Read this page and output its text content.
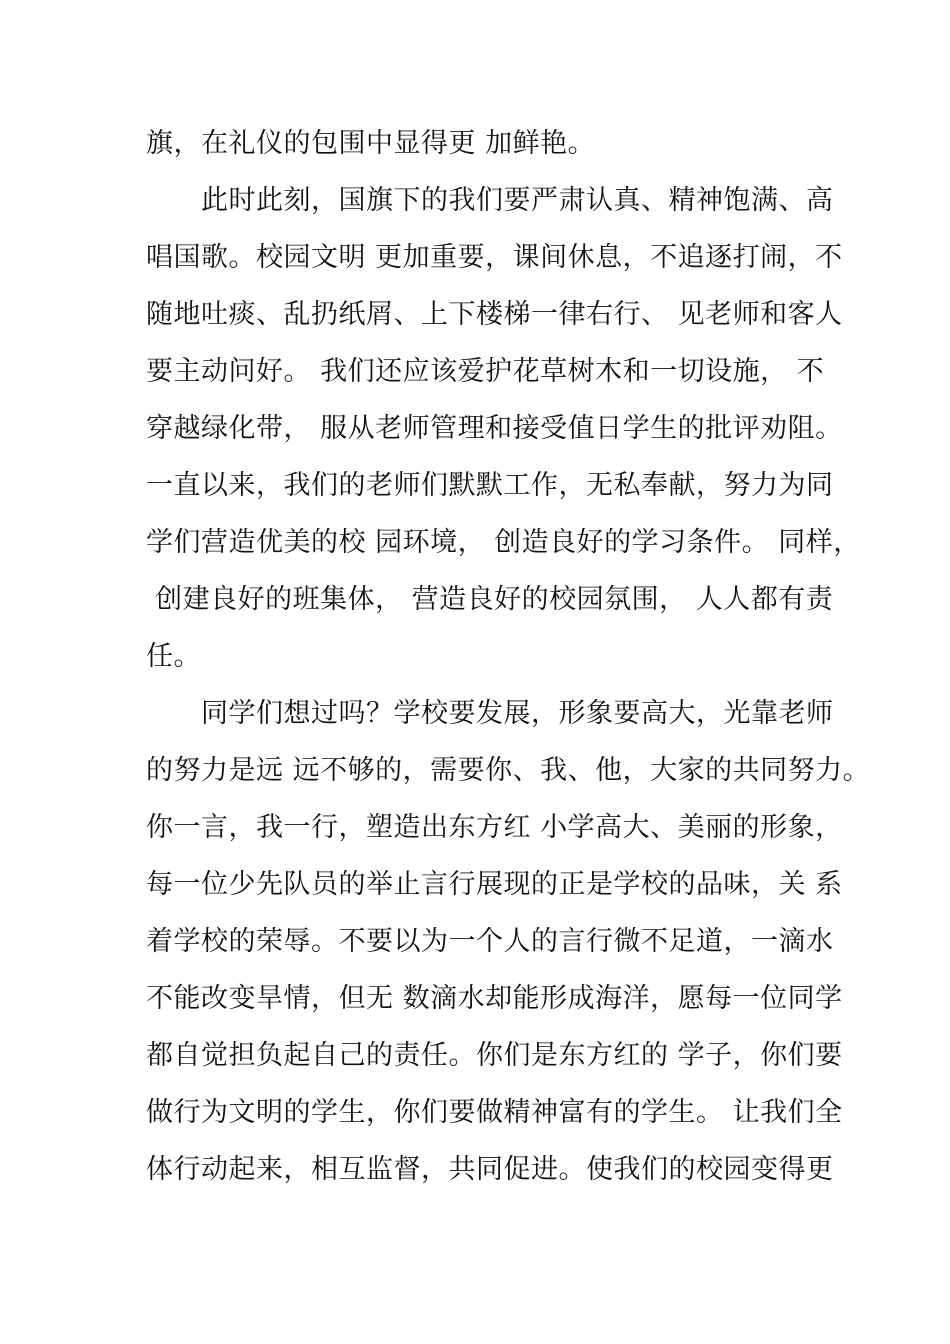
旗，在礼仪的包围中显得更 加鲜艳。
　　此时此刻，国旗下的我们要严肃认真、精神饱满、高
唱国歌。校园文明 更加重要，课间休息，不追逐打闹，不
随地吐痰、乱扔纸屑、上下楼梯一律右行、 见老师和客人
要主动问好。 我们还应该爱护花草树木和一切设施， 不
穿越绿化带， 服从老师管理和接受值日学生的批评劝阻。
一直以来，我们的老师们默默工作，无私奉献，努力为同
学们营造优美的校 园环境， 创造良好的学习条件。 同样，
创建良好的班集体， 营造良好的校园氛围， 人人都有责
任。
　　同学们想过吗？学校要发展，形象要高大，光靠老师
的努力是远 远不够的，需要你、我、他，大家的共同努力。
你一言，我一行，塑造出东方红 小学高大、美丽的形象，
每一位少先队员的举止言行展现的正是学校的品味，关 系
着学校的荣辱。不要以为一个人的言行微不足道，一滴水
不能改变旱情，但无 数滴水却能形成海洋，愿每一位同学
都自觉担负起自己的责任。你们是东方红的 学子，你们要
做行为文明的学生，你们要做精神富有的学生。 让我们全
体行动起来，相互监督，共同促进。使我们的校园变得更
